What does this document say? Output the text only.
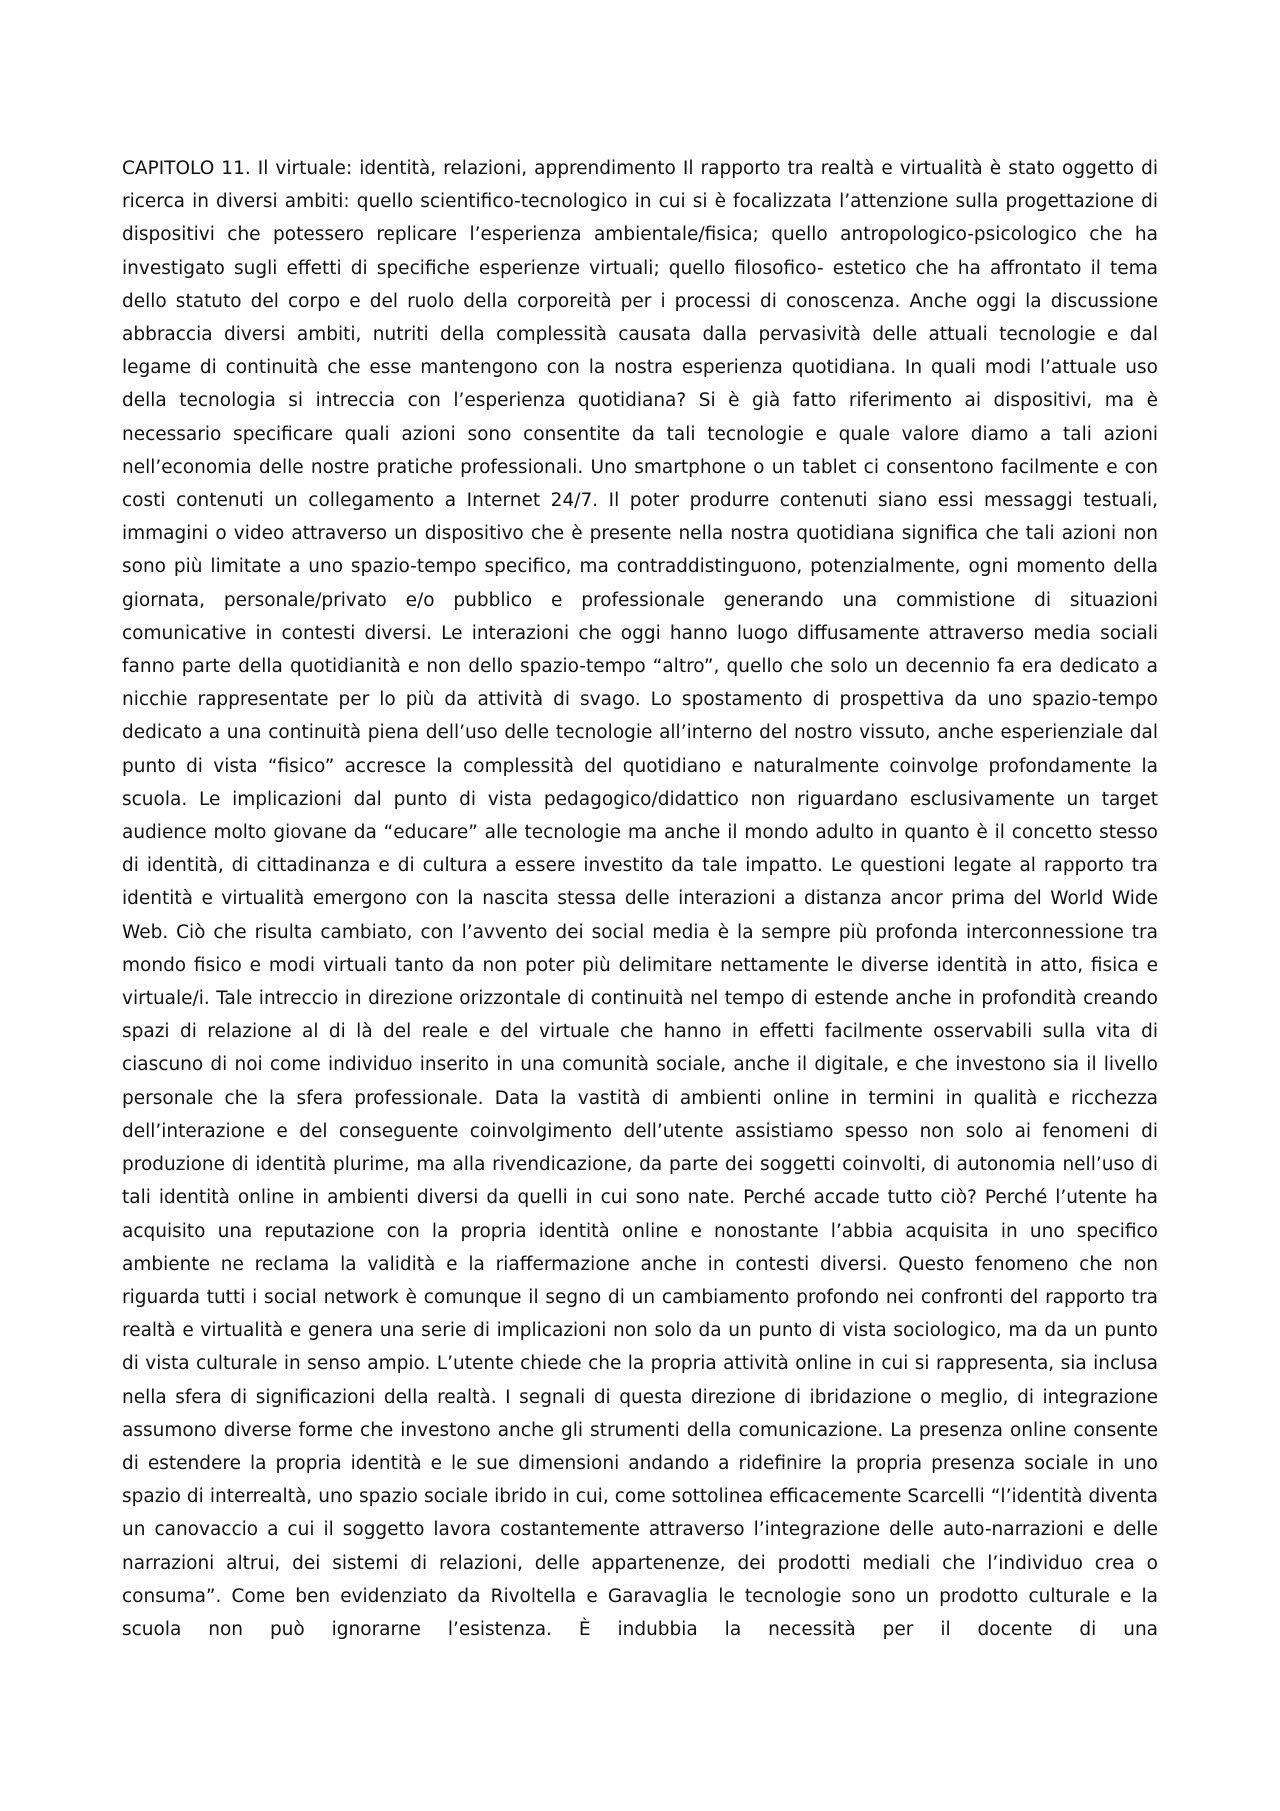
CAPITOLO 11. Il virtuale: identità, relazioni, apprendimento Il rapporto tra realtà e virtualità è stato oggetto di ricerca in diversi ambiti: quello scientifico-tecnologico in cui si è focalizzata l’attenzione sulla progettazione di dispositivi che potessero replicare l’esperienza ambientale/fisica; quello antropologico-psicologico che ha investigato sugli effetti di specifiche esperienze virtuali; quello filosofico- estetico che ha affrontato il tema dello statuto del corpo e del ruolo della corporeità per i processi di conoscenza. Anche oggi la discussione abbraccia diversi ambiti, nutriti della complessità causata dalla pervasività delle attuali tecnologie e dal legame di continuità che esse mantengono con la nostra esperienza quotidiana. In quali modi l’attuale uso della tecnologia si intreccia con l’esperienza quotidiana? Si è già fatto riferimento ai dispositivi, ma è necessario specificare quali azioni sono consentite da tali tecnologie e quale valore diamo a tali azioni nell’economia delle nostre pratiche professionali. Uno smartphone o un tablet ci consentono facilmente e con costi contenuti un collegamento a Internet 24/7. Il poter produrre contenuti siano essi messaggi testuali, immagini o video attraverso un dispositivo che è presente nella nostra quotidiana significa che tali azioni non sono più limitate a uno spazio-tempo specifico, ma contraddistinguono, potenzialmente, ogni momento della giornata, personale/privato e/o pubblico e professionale generando una commistione di situazioni comunicative in contesti diversi. Le interazioni che oggi hanno luogo diffusamente attraverso media sociali fanno parte della quotidianità e non dello spazio-tempo “altro”, quello che solo un decennio fa era dedicato a nicchie rappresentate per lo più da attività di svago. Lo spostamento di prospettiva da uno spazio-tempo dedicato a una continuità piena dell’uso delle tecnologie all’interno del nostro vissuto, anche esperienziale dal punto di vista “fisico” accresce la complessità del quotidiano e naturalmente coinvolge profondamente la scuola. Le implicazioni dal punto di vista pedagogico/didattico non riguardano esclusivamente un target audience molto giovane da “educare” alle tecnologie ma anche il mondo adulto in quanto è il concetto stesso di identità, di cittadinanza e di cultura a essere investito da tale impatto. Le questioni legate al rapporto tra identità e virtualità emergono con la nascita stessa delle interazioni a distanza ancor prima del World Wide Web. Ciò che risulta cambiato, con l’avvento dei social media è la sempre più profonda interconnessione tra mondo fisico e modi virtuali tanto da non poter più delimitare nettamente le diverse identità in atto, fisica e virtuale/i. Tale intreccio in direzione orizzontale di continuità nel tempo di estende anche in profondità creando spazi di relazione al di là del reale e del virtuale che hanno in effetti facilmente osservabili sulla vita di ciascuno di noi come individuo inserito in una comunità sociale, anche il digitale, e che investono sia il livello personale che la sfera professionale. Data la vastità di ambienti online in termini in qualità e ricchezza dell’interazione e del conseguente coinvolgimento dell’utente assistiamo spesso non solo ai fenomeni di produzione di identità plurime, ma alla rivendicazione, da parte dei soggetti coinvolti, di autonomia nell’uso di tali identità online in ambienti diversi da quelli in cui sono nate. Perché accade tutto ciò? Perché l’utente ha acquisito una reputazione con la propria identità online e nonostante l’abbia acquisita in uno specifico ambiente ne reclama la validità e la riaffermazione anche in contesti diversi. Questo fenomeno che non riguarda tutti i social network è comunque il segno di un cambiamento profondo nei confronti del rapporto tra realtà e virtualità e genera una serie di implicazioni non solo da un punto di vista sociologico, ma da un punto di vista culturale in senso ampio. L’utente chiede che la propria attività online in cui si rappresenta, sia inclusa nella sfera di significazioni della realtà. I segnali di questa direzione di ibridazione o meglio, di integrazione assumono diverse forme che investono anche gli strumenti della comunicazione. La presenza online consente di estendere la propria identità e le sue dimensioni andando a ridefinire la propria presenza sociale in uno spazio di interrealtà, uno spazio sociale ibrido in cui, come sottolinea efficacemente Scarcelli “l’identità diventa un canovaccio a cui il soggetto lavora costantemente attraverso l’integrazione delle auto-narrazioni e delle narrazioni altrui, dei sistemi di relazioni, delle appartenenze, dei prodotti mediali che l’individuo crea o consuma”. Come ben evidenziato da Rivoltella e Garavaglia le tecnologie sono un prodotto culturale e la scuola non può ignorarne l’esistenza. È indubbia la necessità per il docente di una
